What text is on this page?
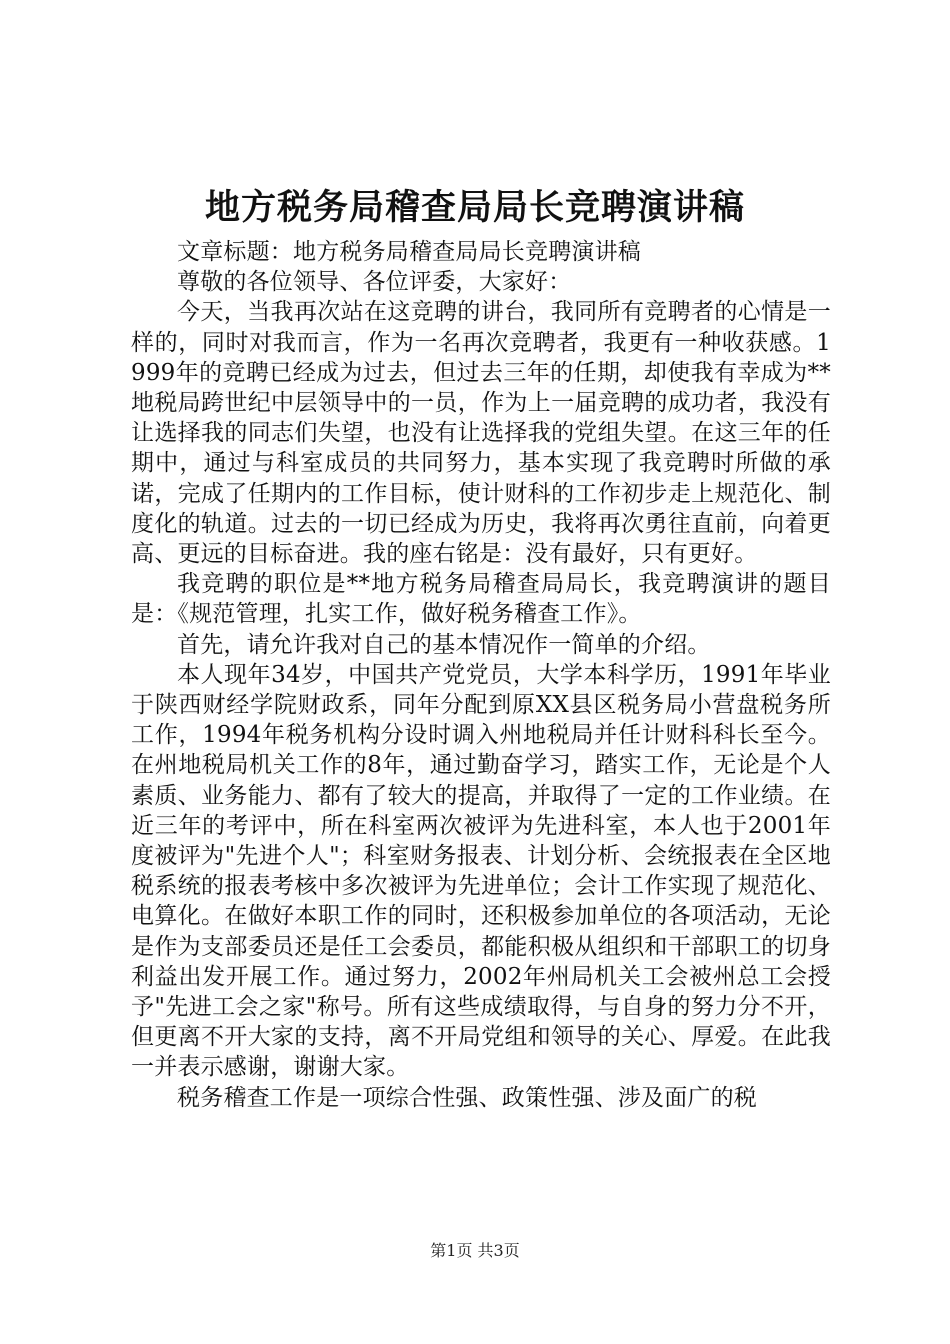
地方税务局稽查局局长竞聘演讲稿

文章标题：地方税务局稽查局局长竞聘演讲稿

尊敬的各位领导、各位评委，大家好：

今天，当我再次站在这竞聘的讲台，我同所有竞聘者的心情是一样的，同时对我而言，作为一名再次竞聘者，我更有一种收获感。1999年的竞聘已经成为过去，但过去三年的任期，却使我有幸成为**地税局跨世纪中层领导中的一员，作为上一届竞聘的成功者，我没有让选择我的同志们失望，也没有让选择我的党组失望。在这三年的任期中，通过与科室成员的共同努力，基本实现了我竞聘时所做的承诺，完成了任期内的工作目标，使计财科的工作初步走上规范化、制度化的轨道。过去的一切已经成为历史，我将再次勇往直前，向着更高、更远的目标奋进。我的座右铭是：没有最好，只有更好。

我竞聘的职位是**地方税务局稽查局局长，我竞聘演讲的题目是：《规范管理，扎实工作，做好税务稽查工作》。

首先，请允许我对自己的基本情况作一简单的介绍。

本人现年34岁，中国共产党党员，大学本科学历，1991年毕业于陕西财经学院财政系，同年分配到原XX县区税务局小营盘税务所工作，1994年税务机构分设时调入州地税局并任计财科科长至今。在州地税局机关工作的8年，通过勤奋学习，踏实工作，无论是个人素质、业务能力、都有了较大的提高，并取得了一定的工作业绩。在近三年的考评中，所在科室两次被评为先进科室，本人也于2001年度被评为"先进个人"；科室财务报表、计划分析、会统报表在全区地税系统的报表考核中多次被评为先进单位；会计工作实现了规范化、电算化。在做好本职工作的同时，还积极参加单位的各项活动，无论是作为支部委员还是任工会委员，都能积极从组织和干部职工的切身利益出发开展工作。通过努力，2002年州局机关工会被州总工会授予"先进工会之家"称号。所有这些成绩取得，与自身的努力分不开，但更离不开大家的支持，离不开局党组和领导的关心、厚爱。在此我一并表示感谢，谢谢大家。

税务稽查工作是一项综合性强、政策性强、涉及面广的税

第1页 共3页
